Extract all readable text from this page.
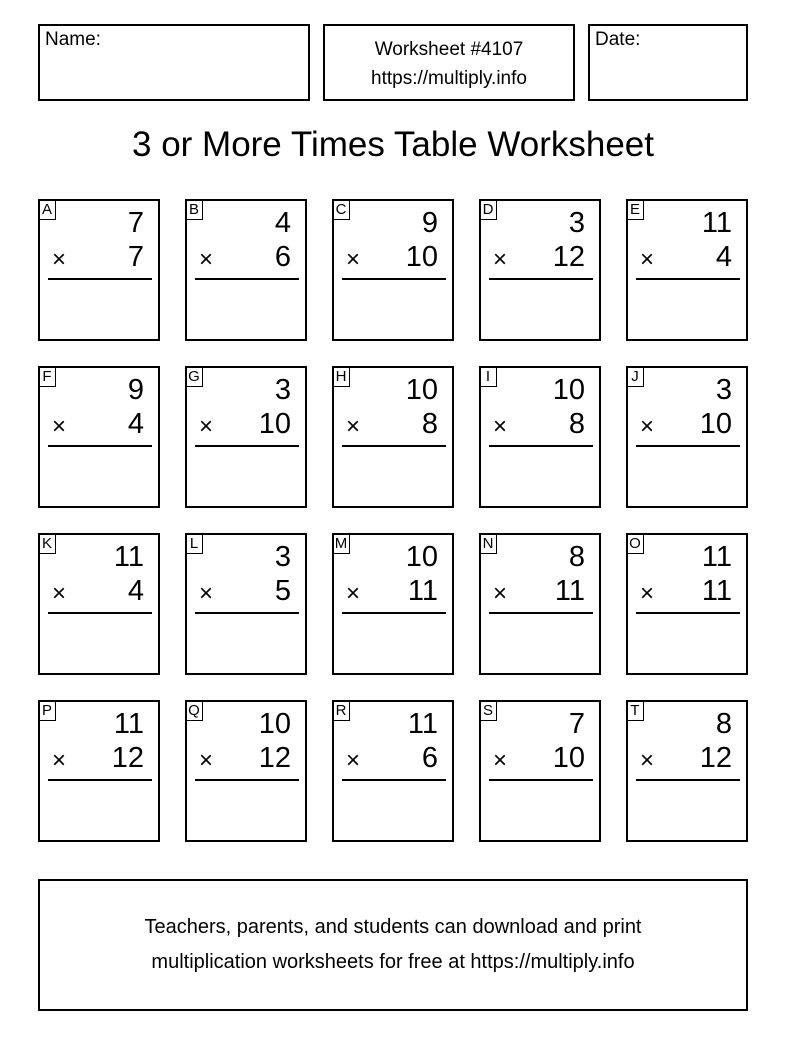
Name:	Worksheet #4107
https://multiply.info
Date:
3 or More Times Table Worksheet
A	7
× 7
B	4
× 6
C	9
× 10
D	3
× 12
E 11
× 4
F	9
× 4
G	3
× 10
H 10
× 8
I 10
× 8
J	3
× 10
K 11
× 4
L	3
× 5
M 10
× 11
N	8
× 11
O 11
× 11
P 11
× 12
Q 10
× 12
R 11
× 6
S	7
× 10
T	8
× 12
Teachers, parents, and students can download and print
multiplication worksheets for free at https://multiply.info
